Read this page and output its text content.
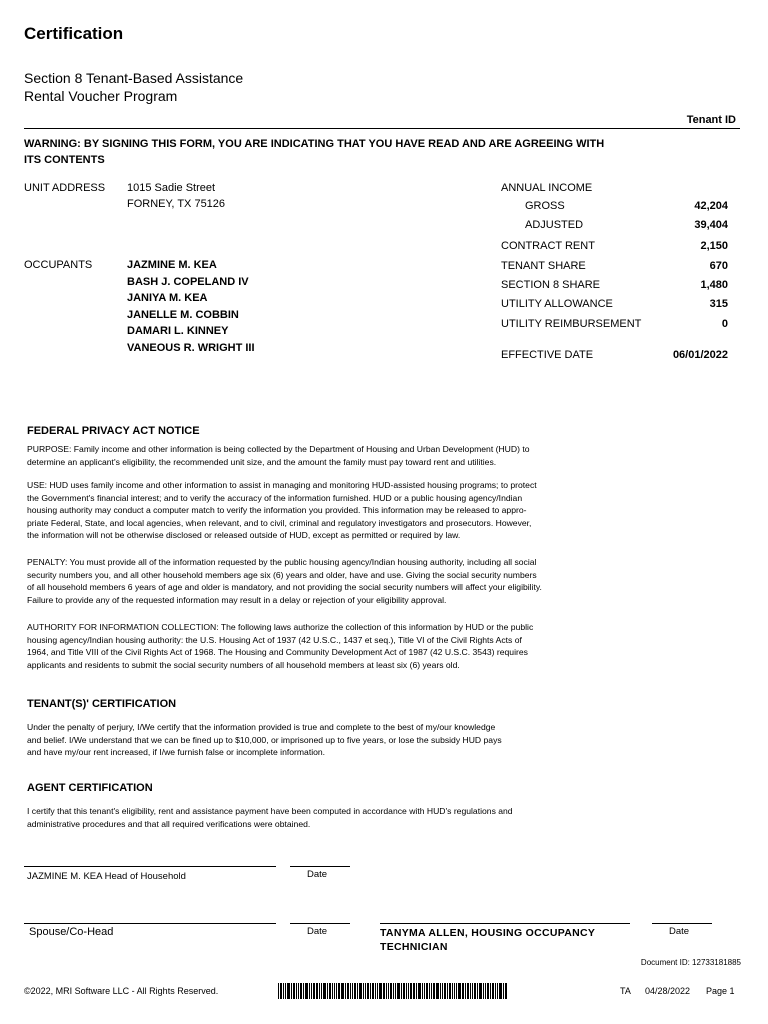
Certification
Section 8 Tenant-Based Assistance
Rental Voucher Program
Tenant ID
WARNING: BY SIGNING THIS FORM, YOU ARE INDICATING THAT YOU HAVE READ AND ARE AGREEING WITH ITS CONTENTS
UNIT ADDRESS 1015 Sadie Street
FORNEY, TX 75126
OCCUPANTS	JAZMINE M. KEA
BASH J. COPELAND IV
JANIYA M. KEA
JANELLE M. COBBIN
DAMARI L. KINNEY
VANEOUS R. WRIGHT III
ANNUAL INCOME
GROSS	42,204
ADJUSTED	39,404
CONTRACT RENT	2,150
TENANT SHARE	670
SECTION 8 SHARE	1,480
UTILITY ALLOWANCE	315
UTILITY REIMBURSEMENT	0
EFFECTIVE DATE	06/01/2022
FEDERAL PRIVACY ACT NOTICE
PURPOSE: Family income and other information is being collected by the Department of Housing and Urban Development (HUD) to
determine an applicant's eligibility, the recommended unit size, and the amount the family must pay toward rent and utilities.
USE: HUD uses family income and other information to assist in managing and monitoring HUD-assisted housing programs; to protect
the Government's financial interest; and to verify the accuracy of the information furnished. HUD or a public housing agency/Indian
housing authority may conduct a computer match to verify the information you provided. This information may be released to appro-
priate Federal, State, and local agencies, when relevant, and to civil, criminal and regulatory investigators and prosecutors. However,
the information will not be otherwise disclosed or released outside of HUD, except as permitted or required by law.
PENALTY: You must provide all of the information requested by the public housing agency/Indian housing authority, including all social
security numbers you, and all other household members age six (6) years and older, have and use. Giving the social security numbers
of all household members 6 years of age and older is mandatory, and not providing the social security numbers will affect your eligibility.
Failure to provide any of the requested information may result in a delay or rejection of your eligibility approval.
AUTHORITY FOR INFORMATION COLLECTION: The following laws authorize the collection of this information by HUD or the public
housing agency/Indian housing authority: the U.S. Housing Act of 1937 (42 U.S.C., 1437 et seq.), Title VI of the Civil Rights Acts of
1964, and Title VIII of the Civil Rights Act of 1968. The Housing and Community Development Act of 1987 (42 U.S.C. 3543) requires
applicants and residents to submit the social security numbers of all household members at least six (6) years old.
TENANT(S)' CERTIFICATION
Under the penalty of perjury, I/We certify that the information provided is true and complete to the best of my/our knowledge
and belief. I/We understand that we can be fined up to $10,000, or imprisoned up to five years, or lose the subsidy HUD pays
and have my/our rent increased, if I/we furnish false or incomplete information.
AGENT CERTIFICATION
I certify that this tenant's eligibility, rent and assistance payment have been computed in accordance with HUD's regulations and
administrative procedures and that all required verifications were obtained.
JAZMINE M. KEA Head of Household	Date
Spouse/Co-Head	Date	TANYMA ALLEN, HOUSING OCCUPANCY TECHNICIAN
Date
Document ID: 12733181885
©2022, MRI Software LLC - All Rights Reserved.	TA 04/28/2022 Page 1
